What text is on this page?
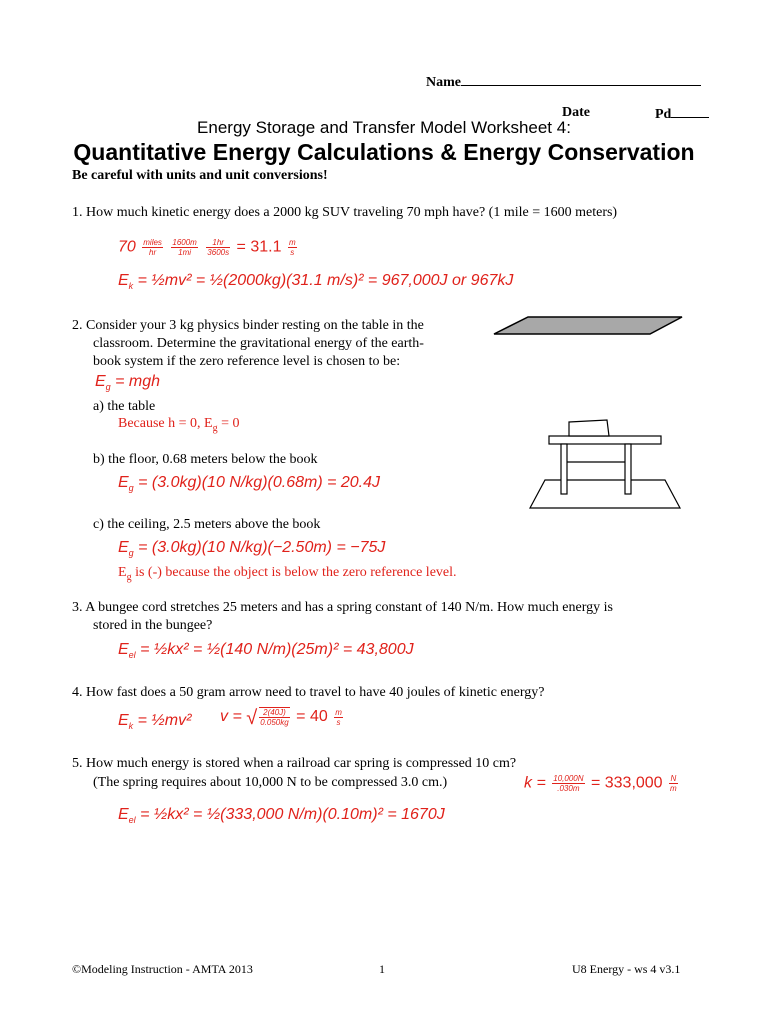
Name
Date	Pd
Energy Storage and Transfer Model Worksheet 4:
Quantitative Energy Calculations & Energy Conservation
Be careful with units and unit conversions!
1. How much kinetic energy does a 2000 kg SUV traveling 70 mph have? (1 mile = 1600 meters)
$70 \frac{\text{miles}}{hr}$
$\frac{1600m}{1mi}$
$\frac{1hr}{3600s} = 31.1 \frac{m}{s}$
$E_k$ = ½mv² = ½(2000kg)(31.1 m/s)² = 967,000J or 967kJ
2. Consider your 3 kg physics binder resting on the table in the
classroom. Determine the gravitational energy of the earth-
book system if the zero reference level is chosen to be:
$E_g$ = mgh
a) the table
Because h = 0, $E_g = 0$
b) the floor, 0.68 meters below the book
$E_g = (3.0kg)(10$ N/kg)(0.68m) = 20.4J
c) the ceiling, 2.5 meters above the book
$E_g = (3.0kg)(10$ N/kg)(−2.50m) = −75J
$E_g$ is (-) because the object is below the zero reference level.
3. A bungee cord stretches 25 meters and has a spring constant of 140 N/m. How much energy is
stored in the bungee?
$E_{el}$ = ½kx² = ½(140 N/m)(25m)² = 43,800J
4. How fast does a 50 gram arrow need to travel to have 40 joules of kinetic energy?
$E_k$ = ½mv² v = √ $\frac{2(40J)}{0.050kg} = 40 \frac{m}{s}$
5. How much energy is stored when a railroad car spring is compressed 10 cm?
(The spring requires about 10,000 N to be compressed 3.0 cm.)	$k = \frac{10,000N}{.030m} = 333,000 \frac{N}{m}$
$E_{el}$ = ½kx² = ½(333,000 N/m)(0.10m)² = 1670J
©Modeling Instruction - AMTA 2013	1	U8 Energy - ws 4 v3.1
